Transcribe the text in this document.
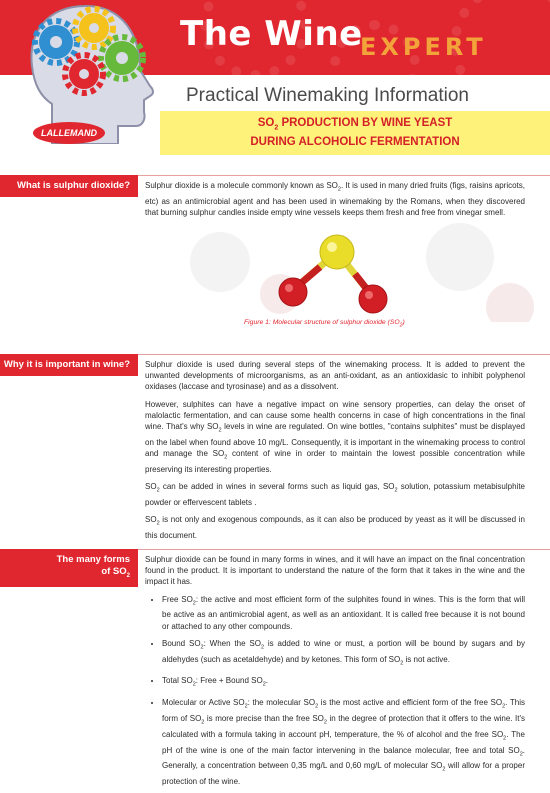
The Wine
EXPERT
Practical Winemaking Information
LALLEMAND
$SO_2$ PRODUCTION BY WINE YEAST
DURING ALCOHOLIC FERMENTATION
What is sulphur dioxide?	Sulphur dioxide is a molecule commonly known as $SO_2$. It is used in many dried fruits (figs, raisins apricots, etc) as an antimicrobial agent and has been used in winemaking by the Romans, when they discovered that burning sulphur candles inside empty wine vessels keeps them fresh and free from vinegar smell.

Figure 1: Molecular structure of sulphur dioxide $(SO_2)$
Why it is important in wine?	Sulphur dioxide is used during several steps of the winemaking process. It is added to prevent the unwanted developments of microorganisms, as an anti-oxidant, as an antioxidasic to inhibit polyphenol oxidases (laccase and tyrosinase) and as a dissolvent.

However, sulphites can have a negative impact on wine sensory properties, can delay the onset of malolactic fermentation, and can cause some health concerns in case of high concentrations in the final wine. That's why $SO_2$ levels in wine are regulated. On wine bottles, "contains sulphites" must be displayed on the label when found above 10 mg/L. Consequently, it is important in the winemaking process to control and manage the $SO_2$ content of wine in order to maintain the lowest possible concentration while preserving its interesting properties.

$SO_2$ can be added in wines in several forms such as liquid gas, $SO_2$ solution, potassium metabisulphite powder or effervescent tablets .

$SO_2$ is not only and exogenous compounds, as it can also be produced by yeast as it will be discussed in this document.

The many forms
of $SO_2$

Sulphur dioxide can be found in many forms in wines, and it will have an impact on the final concentration found in the product. It is important to understand the nature of the form that it takes in the wine and the impact it has.

• Free $SO_2$: the active and most efficient form of the sulphites found in wines. This is the form that will be active as an antimicrobial agent, as well as an antioxidant. It is called free because it is not bound or attached to any other compounds.
• Bound $SO_2$: When the $SO_2$ is added to wine or must, a portion will be bound by sugars and by aldehydes (such as acetaldehyde) and by ketones. This form of $SO_2$ is not active.
• Total $SO_2$: Free + Bound $SO_2$.
• Molecular or Active $SO_2$: the molecular $SO_2$ is the most active and efficient form of the free $SO_2$. This form of $SO_2$ is more precise than the free $SO_2$ in the degree of protection that it offers to the wine. It's calculated with a formula taking in account pH, temperature, the % of alcohol and the free $SO_2$. The pH of the wine is one of the main factor intervening in the balance molecular, free and total $SO_2$. Generally, a concentration between 0,35 mg/L and 0,60 mg/L of molecular $SO_2$ will allow for a proper protection of the wine.
